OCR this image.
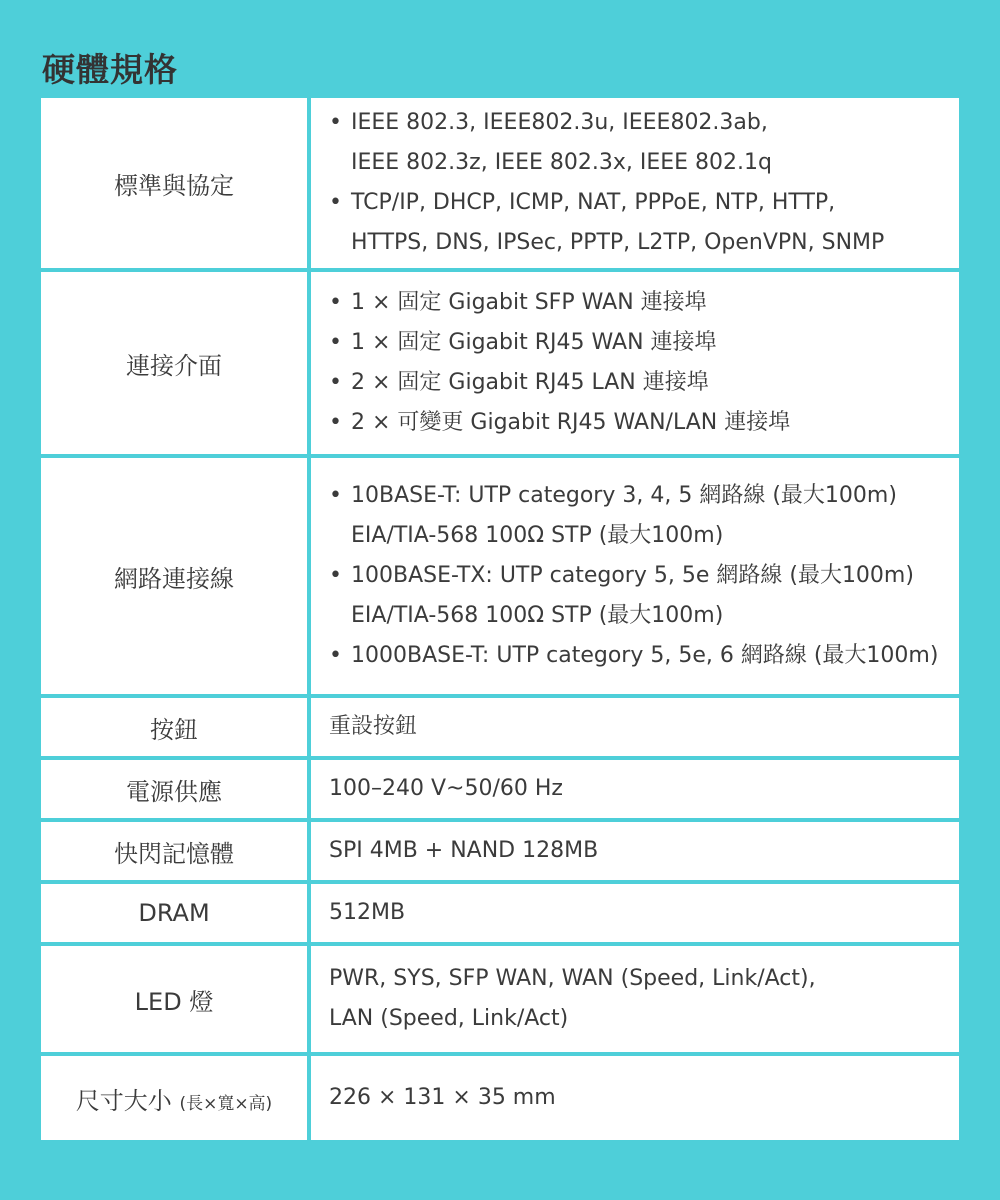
硬體規格
標準與協定	• IEEE 802.3, IEEE802.3u, IEEE802.3ab,
IEEE 802.3z, IEEE 802.3x, IEEE 802.1q
• TCP/IP, DHCP, ICMP, NAT, PPPoE, NTP, HTTP,
HTTPS, DNS, IPSec, PPTP, L2TP, OpenVPN, SNMP

連接介面	• 1 × 固定 Gigabit SFP WAN 連接埠
• 1 × 固定 Gigabit RJ45 WAN 連接埠
• 2 × 固定 Gigabit RJ45 LAN 連接埠
• 2 × 可變更 Gigabit RJ45 WAN/LAN 連接埠

網路連接線	• 10BASE-T: UTP category 3, 4, 5 網路線 (最大100m)
EIA/TIA-568 100Ω STP (最大100m)
• 100BASE-TX: UTP category 5, 5e 網路線 (最大100m)
EIA/TIA-568 100Ω STP (最大100m)
• 1000BASE-T: UTP category 5, 5e, 6 網路線 (最大100m)

按鈕	重設按鈕
電源供應	100–240 V~50/60 Hz
快閃記憶體	SPI 4MB + NAND 128MB
DRAM	512MB
LED 燈	PWR, SYS, SFP WAN, WAN (Speed, Link/Act),
LAN (Speed, Link/Act)

尺寸大小 (長×寬×高)	226 × 131 × 35 mm
